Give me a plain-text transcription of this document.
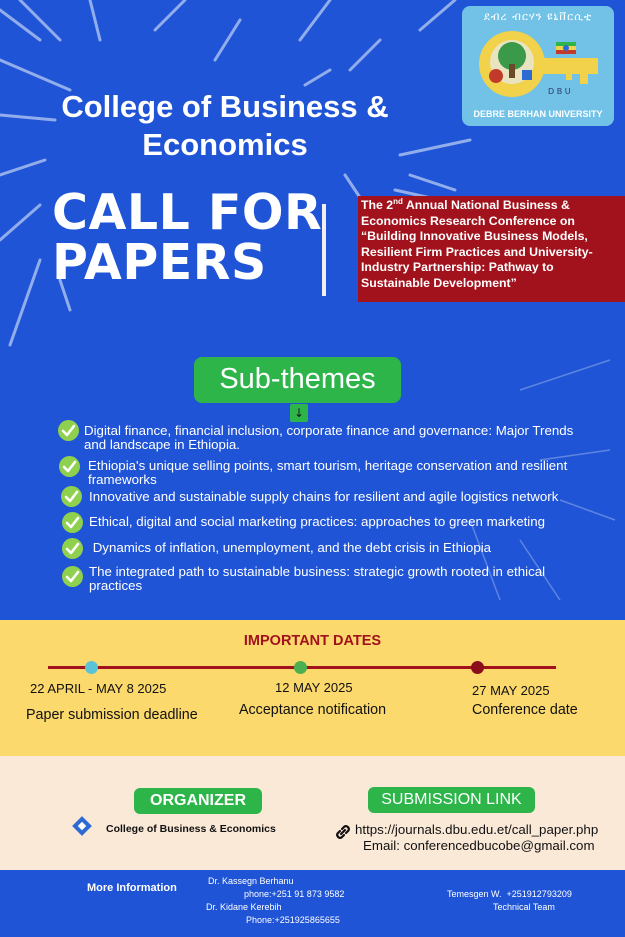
ደብረ ብርሃን ዩኒቨርሲቲ
D B U
DEBRE BERHAN UNIVERSITY
College of Business &
Economics
CALL FOR
PAPERS
The 2nd Annual National Business &
Economics Research Conference on
“Building Innovative Business Models,
Resilient Firm Practices and University-
Industry Partnership: Pathway to
Sustainable Development”
Sub-themes
↓
Digital finance, financial inclusion, corporate finance and governance: Major Trends
and landscape in Ethiopia.
Ethiopia's unique selling points, smart tourism, heritage conservation and resilient
frameworks
Innovative and sustainable supply chains for resilient and agile logistics network
Ethical, digital and social marketing practices: approaches to green marketing
Dynamics of inflation, unemployment, and the debt crisis in Ethiopia
The integrated path to sustainable business: strategic growth rooted in ethical
practices
IMPORTANT DATES
22 APRIL - MAY 8 2025
Paper submission deadline
12 MAY 2025
Acceptance notification
27 MAY 2025
Conference date
ORGANIZER	SUBMISSION LINK
College of Business & Economics	https://journals.dbu.edu.et/call_paper.php
Email: conferencedbucobe@gmail.com
More Information
Dr. Kassegn Berhanu
phone:+251 91 873 9582
Dr. Kidane Kerebih
Phone:+251925865655
Temesgen W.  +251912793209
Technical Team
